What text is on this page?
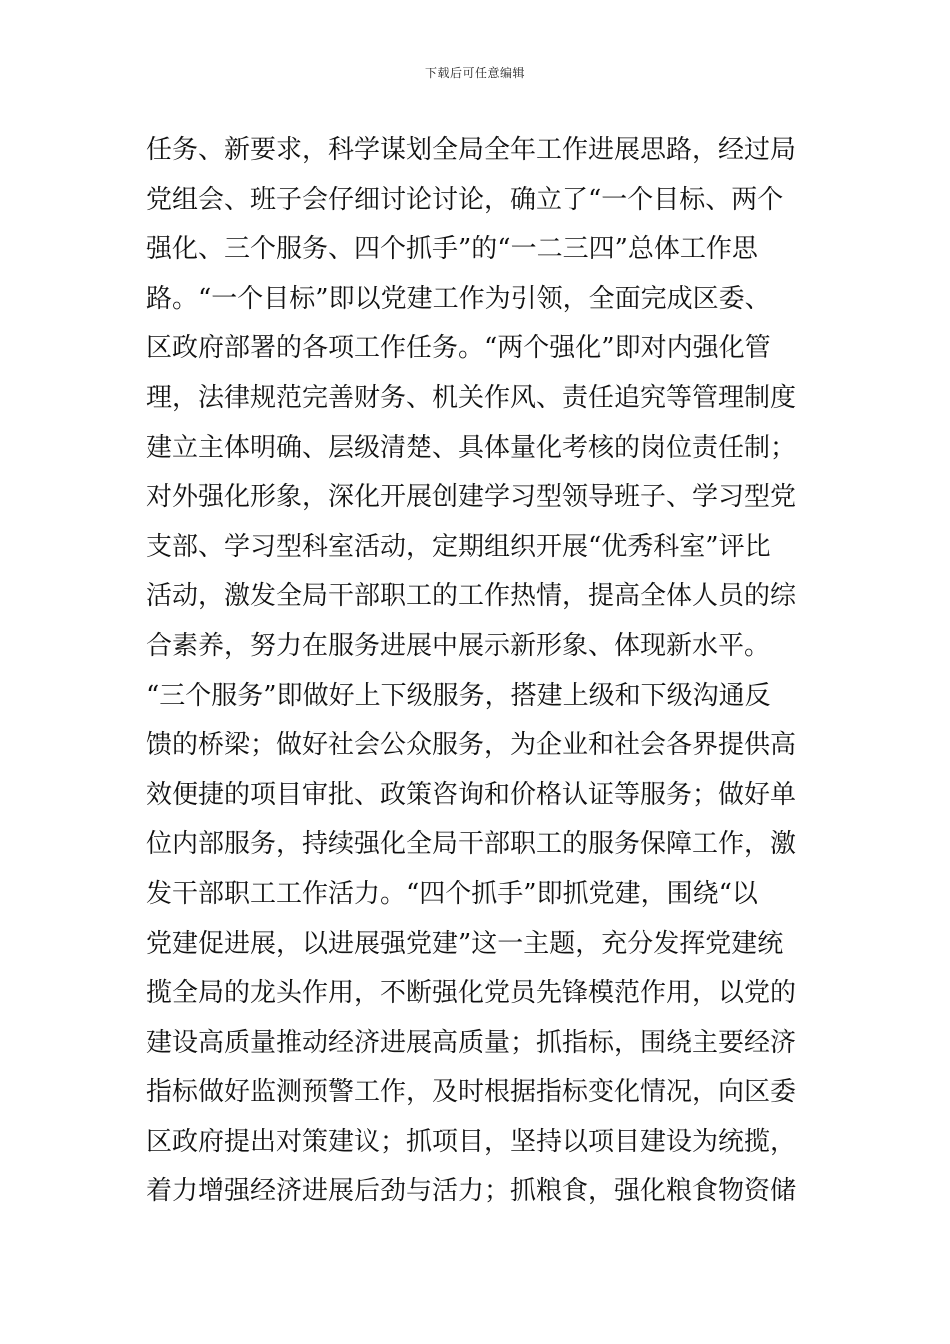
下载后可任意编辑
任务、新要求，科学谋划全局全年工作进展思路，经过局
党组会、班子会仔细讨论讨论，确立了“一个目标、两个
强化、三个服务、四个抓手”的“一二三四”总体工作思
路。“一个目标”即以党建工作为引领，全面完成区委、
区政府部署的各项工作任务。“两个强化”即对内强化管
理，法律规范完善财务、机关作风、责任追究等管理制度
建立主体明确、层级清楚、具体量化考核的岗位责任制；
对外强化形象，深化开展创建学习型领导班子、学习型党
支部、学习型科室活动，定期组织开展“优秀科室”评比
活动，激发全局干部职工的工作热情，提高全体人员的综
合素养，努力在服务进展中展示新形象、体现新水平。
“三个服务”即做好上下级服务，搭建上级和下级沟通反
馈的桥梁；做好社会公众服务，为企业和社会各界提供高
效便捷的项目审批、政策咨询和价格认证等服务；做好单
位内部服务，持续强化全局干部职工的服务保障工作，激
发干部职工工作活力。“四个抓手”即抓党建，围绕“以
党建促进展，以进展强党建”这一主题，充分发挥党建统
揽全局的龙头作用，不断强化党员先锋模范作用，以党的
建设高质量推动经济进展高质量；抓指标，围绕主要经济
指标做好监测预警工作，及时根据指标变化情况，向区委
区政府提出对策建议；抓项目，坚持以项目建设为统揽，
着力增强经济进展后劲与活力；抓粮食，强化粮食物资储
